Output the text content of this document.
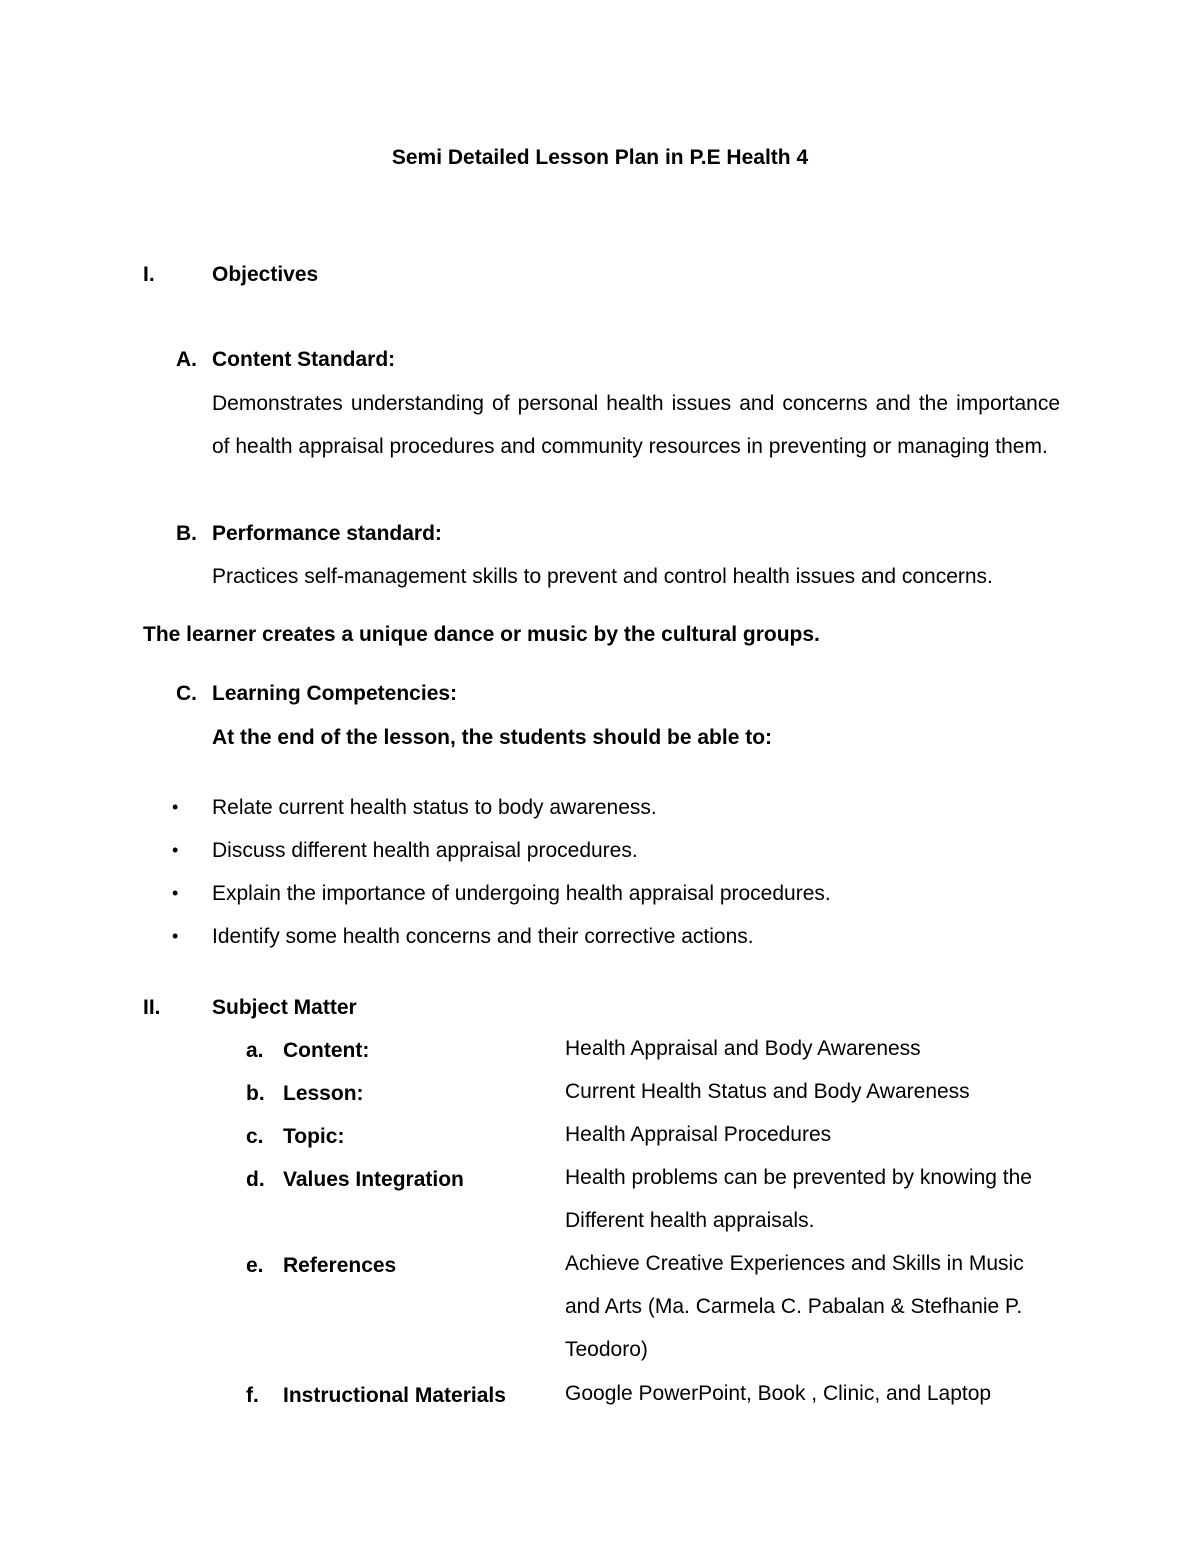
Semi Detailed Lesson Plan in P.E Health 4
I.	Objectives
A. Content Standard:
Demonstrates understanding of personal health issues and concerns and the importance of health appraisal procedures and community resources in preventing or managing them.
B. Performance standard:
Practices self-management skills to prevent and control health issues and concerns.
The learner creates a unique dance or music by the cultural groups.
C. Learning Competencies:
At the end of the lesson, the students should be able to:
• Relate current health status to body awareness.
• Discuss different health appraisal procedures.
• Explain the importance of undergoing health appraisal procedures.
• Identify some health concerns and their corrective actions.
II. Subject Matter
a. Content:	Health Appraisal and Body Awareness
b. Lesson:	Current Health Status and Body Awareness
c. Topic:	Health Appraisal Procedures
d. Values Integration	Health problems can be prevented by knowing the Different health appraisals.
e. References	Achieve Creative Experiences and Skills in Music and Arts (Ma. Carmela C. Pabalan & Stefhanie P. Teodoro)
f.	Instructional Materials	Google PowerPoint, Book , Clinic, and Laptop
